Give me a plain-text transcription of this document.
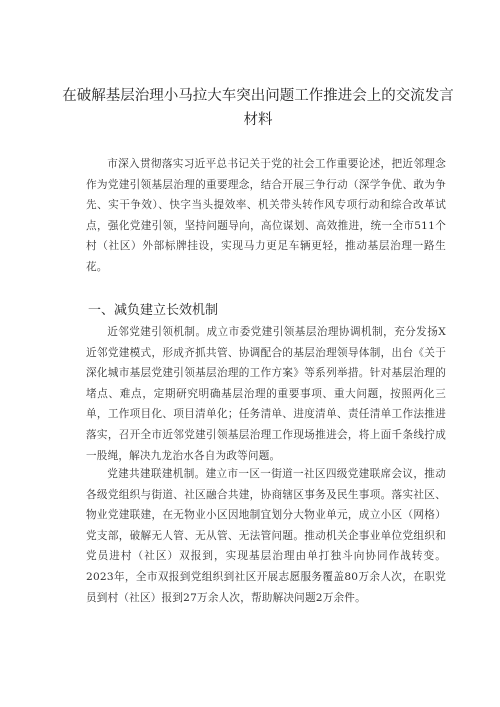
在破解基层治理小马拉大车突出问题工作推进会上的交流发言材料

市深入贯彻落实习近平总书记关于党的社会工作重要论述，把近邻理念作为党建引领基层治理的重要理念，结合开展三争行动（深学争优、敢为争先、实干争效）、快字当头提效率、机关带头转作风专项行动和综合改革试点，强化党建引领，坚持问题导向，高位谋划、高效推进，统一全市511个村（社区）外部标牌挂设，实现马力更足车辆更轻，推动基层治理一路生花。

一、减负建立长效机制

近邻党建引领机制。成立市委党建引领基层治理协调机制，充分发扬X近邻党建模式，形成齐抓共管、协调配合的基层治理领导体制，出台《关于深化城市基层党建引领基层治理的工作方案》等系列举措。针对基层治理的堵点、难点，定期研究明确基层治理的重要事项、重大问题，按照两化三单，工作项目化、项目清单化；任务清单、进度清单、责任清单工作法推进落实，召开全市近邻党建引领基层治理工作现场推进会，将上面千条线拧成一股绳，解决九龙治水各自为政等问题。

党建共建联建机制。建立市一区一街道一社区四级党建联席会议，推动各级党组织与街道、社区融合共建，协商辖区事务及民生事项。落实社区、物业党建联建，在无物业小区因地制宜划分大物业单元，成立小区（网格）党支部，破解无人管、无从管、无法管问题。推动机关企事业单位党组织和党员进村（社区）双报到，实现基层治理由单打独斗向协同作战转变。2023年，全市双报到党组织到社区开展志愿服务覆盖80万余人次，在职党员到村（社区）报到27万余人次，帮助解决问题2万余件。
